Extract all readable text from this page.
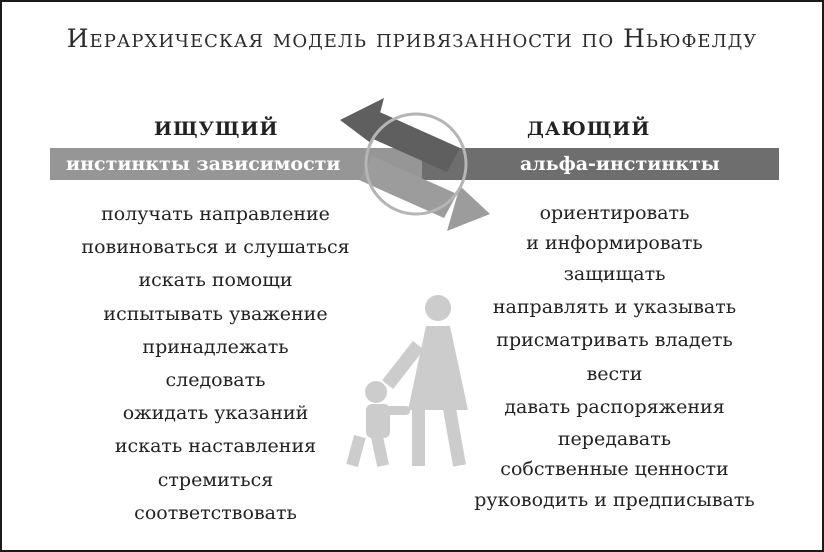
Иерархическая модель привязанности по Ньюфелду
ИЩУЩИЙ	ДАЮЩИЙ
инстинкты зависимости	альфа-инстинкты
получать направление
повиноваться и слушаться
искать помощи
испытывать уважение
принадлежать
следовать
ожидать указаний
искать наставления
стремиться
соответствовать
ориентировать
и информировать
защищать
направлять и указывать
присматривать владеть
вести
давать распоряжения
передавать
собственные ценности
руководить и предписывать
